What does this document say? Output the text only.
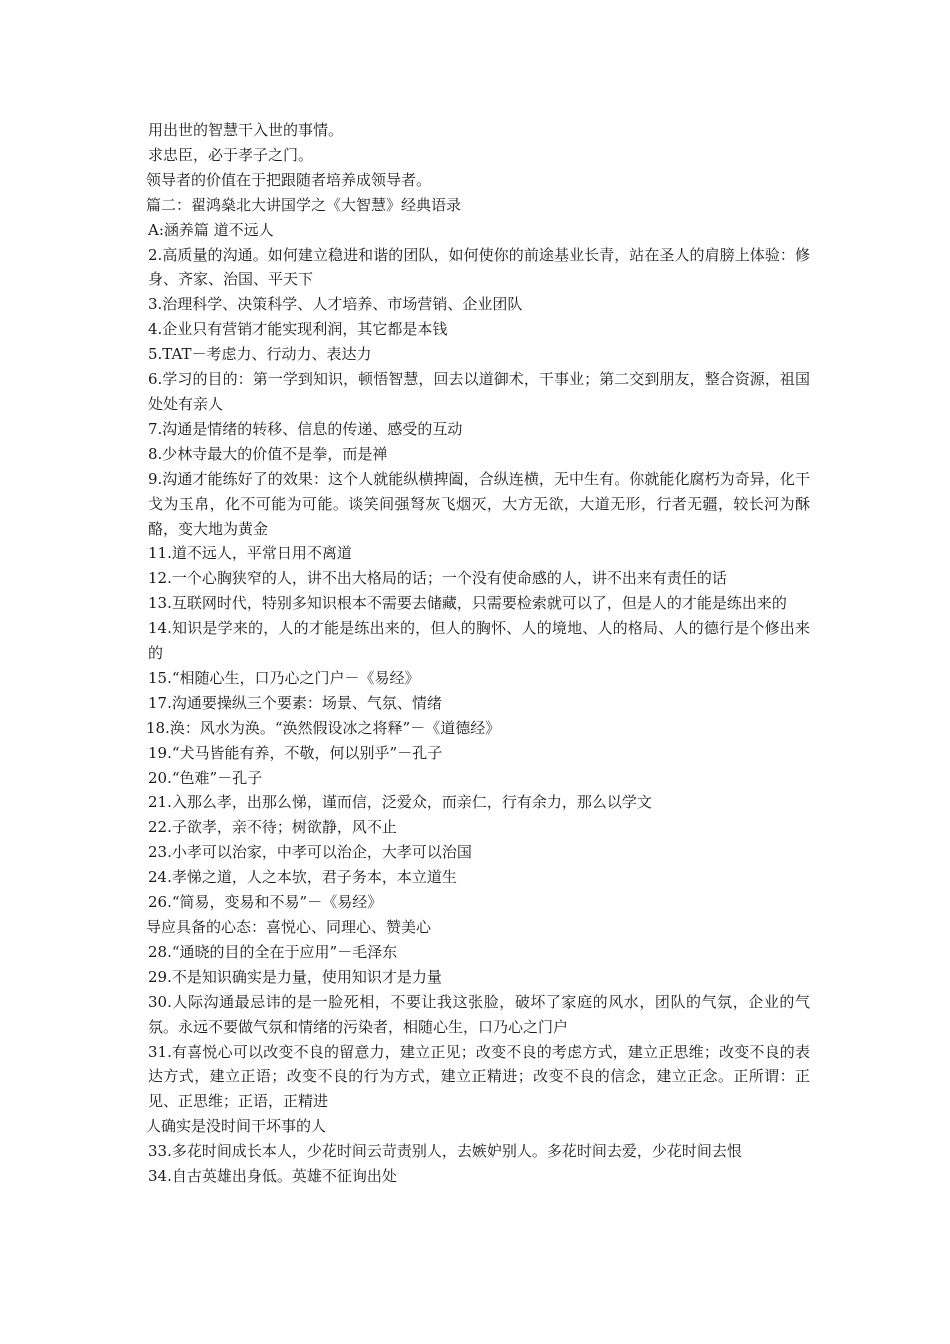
用出世的智慧干入世的事情。

求忠臣，必于孝子之门。

领导者的价值在于把跟随者培养成领导者。

篇二：翟鸿燊北大讲国学之《大智慧》经典语录

A:涵养篇 道不远人

2.高质量的沟通。如何建立稳进和谐的团队，如何使你的前途基业长青，站在圣人的肩膀上体验：修身、齐家、治国、平天下

3.治理科学、决策科学、人才培养、市场营销、企业团队

4.企业只有营销才能实现利润，其它都是本钱

5.TAT－考虑力、行动力、表达力

6.学习的目的：第一学到知识，顿悟智慧，回去以道御术，干事业；第二交到朋友，整合资源，祖国处处有亲人

7.沟通是情绪的转移、信息的传递、感受的互动

8.少林寺最大的价值不是拳，而是禅

9.沟通才能练好了的效果：这个人就能纵横捭阖，合纵连横，无中生有。你就能化腐朽为奇异，化干戈为玉帛，化不可能为可能。谈笑间强弩灰飞烟灭，大方无欲，大道无形，行者无疆，较长河为酥酪，变大地为黄金

11.道不远人，平常日用不离道

12.一个心胸狭窄的人，讲不出大格局的话；一个没有使命感的人，讲不出来有责任的话

13.互联网时代，特别多知识根本不需要去储藏，只需要检索就可以了，但是人的才能是练出来的

14.知识是学来的，人的才能是练出来的，但人的胸怀、人的境地、人的格局、人的德行是个修出来的

15.“相随心生，口乃心之门户－《易经》

17.沟通要操纵三个要素：场景、气氛、情绪

18.涣：风水为涣。“涣然假设冰之将释”－《道德经》

19.“犬马皆能有养，不敬，何以别乎”－孔子

20.“色难”－孔子

21.入那么孝，出那么悌，谨而信，泛爱众，而亲仁，行有余力，那么以学文

22.子欲孝，亲不待；树欲静，风不止

23.小孝可以治家，中孝可以治企，大孝可以治国

24.孝悌之道，人之本欤，君子务本，本立道生

26.“简易，变易和不易”－《易经》

导应具备的心态：喜悦心、同理心、赞美心

28.“通晓的目的全在于应用”－毛泽东

29.不是知识确实是力量，使用知识才是力量

30.人际沟通最忌讳的是一脸死相，不要让我这张脸，破坏了家庭的风水，团队的气氛，企业的气氛。永远不要做气氛和情绪的污染者，相随心生，口乃心之门户

31.有喜悦心可以改变不良的留意力，建立正见；改变不良的考虑方式，建立正思维；改变不良的表达方式，建立正语；改变不良的行为方式，建立正精进；改变不良的信念，建立正念。正所谓：正见、正思维；正语，正精进

人确实是没时间干坏事的人

33.多花时间成长本人，少花时间云苛责别人，去嫉妒别人。多花时间去爱，少花时间去恨

34.自古英雄出身低。英雄不征询出处
